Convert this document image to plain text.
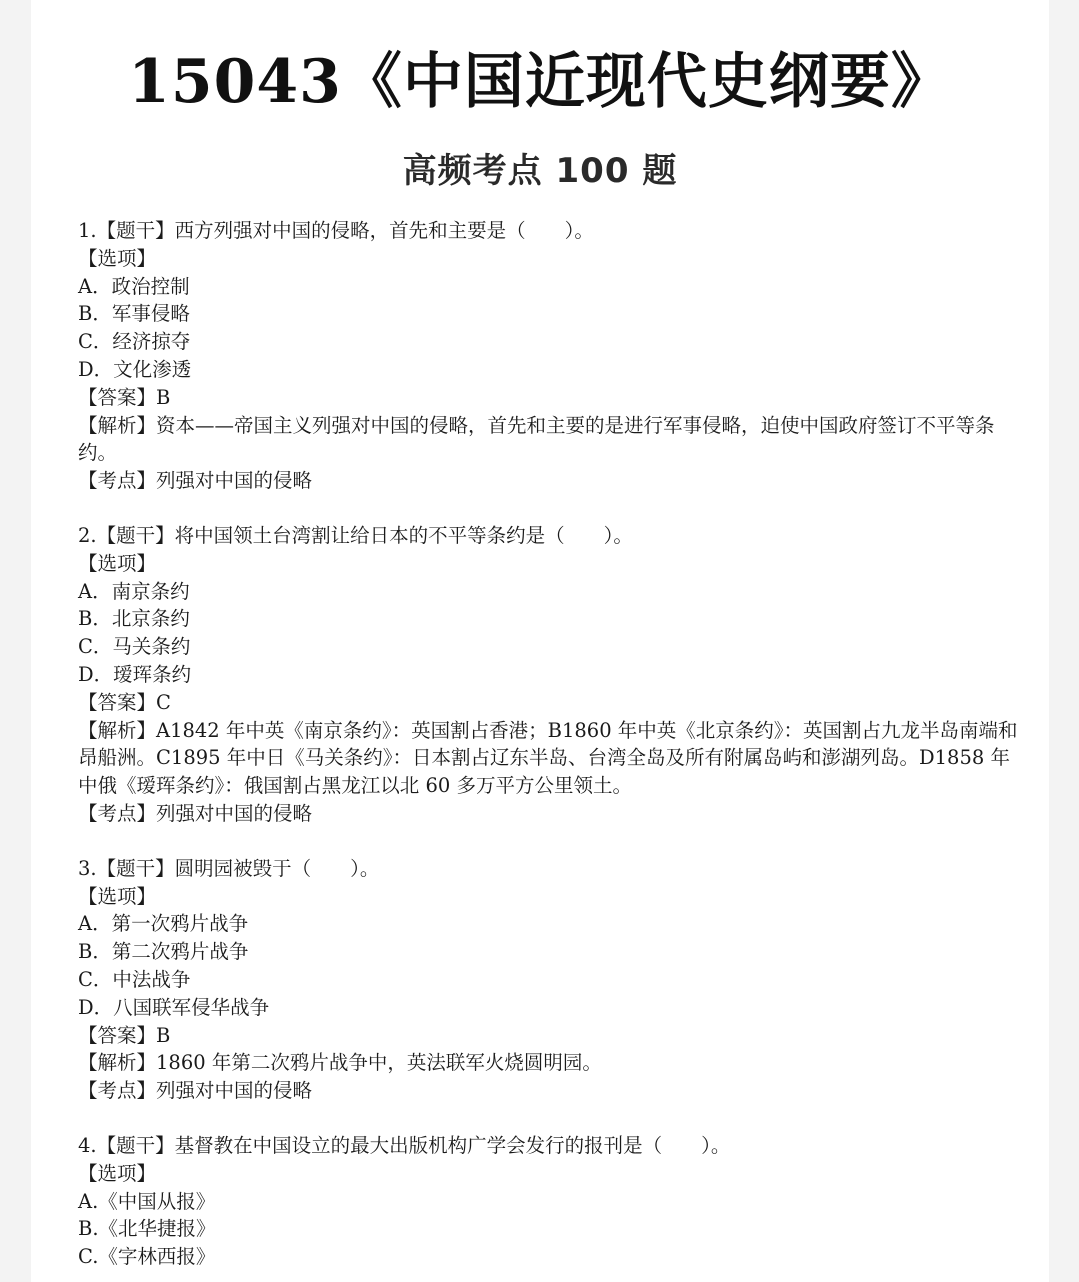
15043《中国近现代史纲要》
高频考点 100 题
1.【题干】西方列强对中国的侵略，首先和主要是（　　）。
【选项】
A．政治控制
B．军事侵略
C．经济掠夺
D．文化渗透
【答案】B
【解析】资本——帝国主义列强对中国的侵略，首先和主要的是进行军事侵略，迫使中国政府签订不平等条约。
【考点】列强对中国的侵略
2.【题干】将中国领土台湾割让给日本的不平等条约是（　　）。
【选项】
A．南京条约
B．北京条约
C．马关条约
D．瑷珲条约
【答案】C
【解析】A1842 年中英《南京条约》：英国割占香港；B1860 年中英《北京条约》：英国割占九龙半岛南端和昂船洲。C1895 年中日《马关条约》：日本割占辽东半岛、台湾全岛及所有附属岛屿和澎湖列岛。D1858 年中俄《瑷珲条约》：俄国割占黑龙江以北 60 多万平方公里领土。
【考点】列强对中国的侵略
3.【题干】圆明园被毁于（　　）。
【选项】
A．第一次鸦片战争
B．第二次鸦片战争
C．中法战争
D．八国联军侵华战争
【答案】B
【解析】1860 年第二次鸦片战争中，英法联军火烧圆明园。
【考点】列强对中国的侵略
4.【题干】基督教在中国设立的最大出版机构广学会发行的报刊是（　　）。
【选项】
A.《中国从报》
B.《北华捷报》
C.《字林西报》
